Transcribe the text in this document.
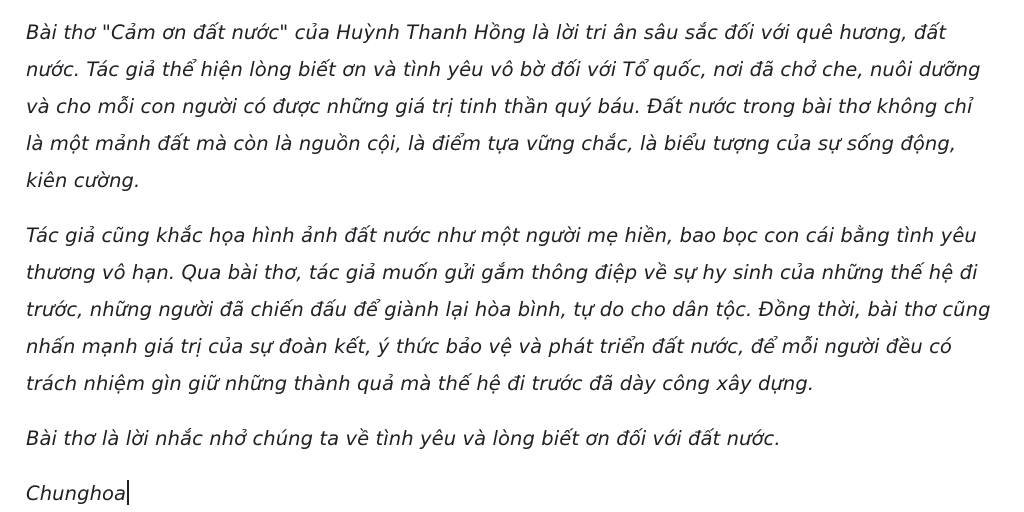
Bài thơ "Cảm ơn đất nước" của Huỳnh Thanh Hồng là lời tri ân sâu sắc đối với quê hương, đất nước. Tác giả thể hiện lòng biết ơn và tình yêu vô bờ đối với Tổ quốc, nơi đã chở che, nuôi dưỡng và cho mỗi con người có được những giá trị tinh thần quý báu. Đất nước trong bài thơ không chỉ là một mảnh đất mà còn là nguồn cội, là điểm tựa vững chắc, là biểu tượng của sự sống động, kiên cường.

Tác giả cũng khắc họa hình ảnh đất nước như một người mẹ hiền, bao bọc con cái bằng tình yêu thương vô hạn. Qua bài thơ, tác giả muốn gửi gắm thông điệp về sự hy sinh của những thế hệ đi trước, những người đã chiến đấu để giành lại hòa bình, tự do cho dân tộc. Đồng thời, bài thơ cũng nhấn mạnh giá trị của sự đoàn kết, ý thức bảo vệ và phát triển đất nước, để mỗi người đều có trách nhiệm gìn giữ những thành quả mà thế hệ đi trước đã dày công xây dựng.

Bài thơ là lời nhắc nhở chúng ta về tình yêu và lòng biết ơn đối với đất nước.

Chunghoa
